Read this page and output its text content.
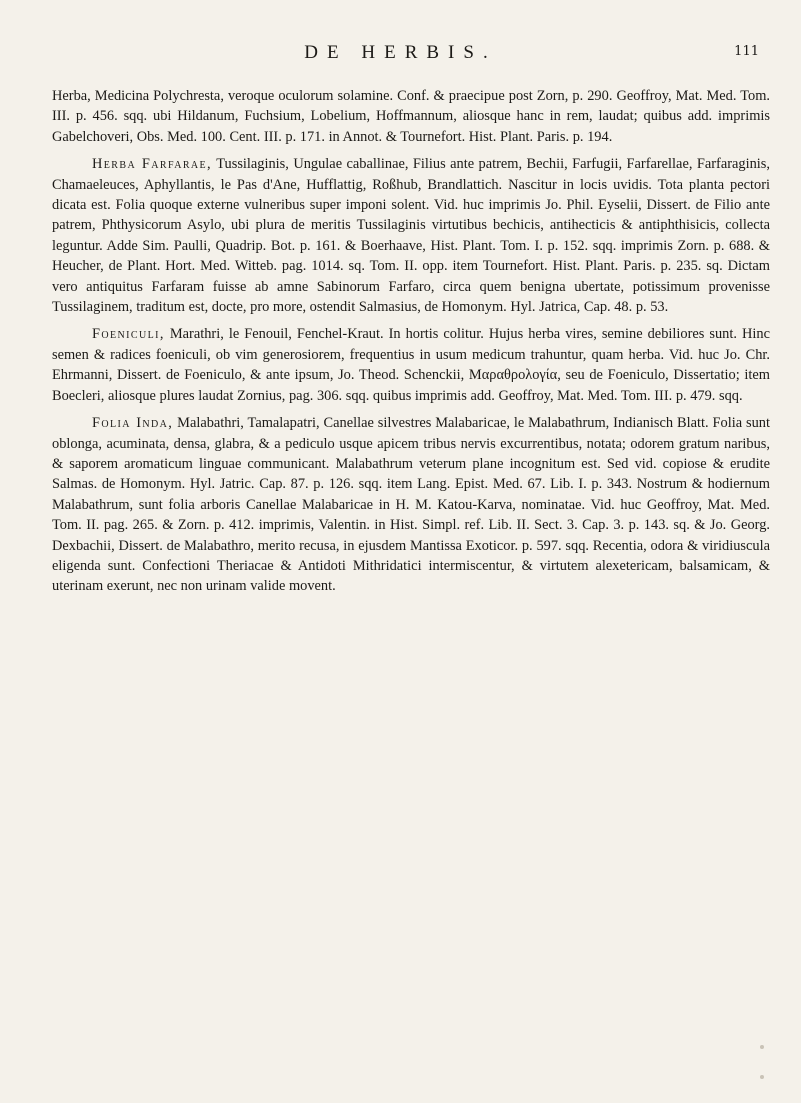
DE HERBIS.	111

Herba, Medicina Polychresta, veroque oculorum solamine. Conf. & praecipue post Zorn, p. 290. Geoffroy, Mat. Med. Tom. III. p. 456. sqq. ubi Hildanum, Fuchsium, Lobelium, Hoffmannum, aliosque hanc in rem, laudat; quibus add. imprimis Gabelchoveri, Obs. Med. 100. Cent. III. p. 171. in Annot. & Tournefort. Hist. Plant. Paris. p. 194.

Herba Farfarae, Tussilaginis, Ungulae caballinae, Filius ante patrem, Bechii, Farfugii, Farfarellae, Farfaraginis, Chamaeleuces, Aphyllantis, le Pas d'Ane, Hufflattig, Roßhub, Brandlattich. Nascitur in locis uvidis. Tota planta pectori dicata est. Folia quoque externe vulneribus super imponi solent. Vid. huc imprimis Jo. Phil. Eyselii, Dissert. de Filio ante patrem, Phthysicorum Asylo, ubi plura de meritis Tussilaginis virtutibus bechicis, antihecticis & antiphthisicis, collecta leguntur. Adde Sim. Paulli, Quadrip. Bot. p. 161. & Boerhaave, Hist. Plant. Tom. I. p. 152. sqq. imprimis Zorn. p. 688. & Heucher, de Plant. Hort. Med. Witteb. pag. 1014. sq. Tom. II. opp. item Tournefort. Hist. Plant. Paris. p. 235. sq. Dictam vero antiquitus Farfaram fuisse ab amne Sabinorum Farfaro, circa quem benigna ubertate, potissimum provenisse Tussilaginem, traditum est, docte, pro more, ostendit Salmasius, de Homonym. Hyl. Jatrica, Cap. 48. p. 53.

Foeniculi, Marathri, le Fenouil, Fenchel-Kraut. In hortis colitur. Hujus herba vires, semine debiliores sunt. Hinc semen & radices foeniculi, ob vim generosiorem, frequentius in usum medicum trahuntur, quam herba. Vid. huc Jo. Chr. Ehrmanni, Dissert. de Foeniculo, & ante ipsum, Jo. Theod. Schenckii, Μαραθρολογία, seu de Foeniculo, Dissertatio; item Boecleri, aliosque plures laudat Zornius, pag. 306. sqq. quibus imprimis add. Geoffroy, Mat. Med. Tom. III. p. 479. sqq.

Folia Inda, Malabathri, Tamalapatri, Canellae silvestres Malabaricae, le Malabathrum, Indianisch Blatt. Folia sunt oblonga, acuminata, densa, glabra, & a pediculo usque apicem tribus nervis excurrentibus, notata; odorem gratum naribus, & saporem aromaticum linguae communicant. Malabathrum veterum plane incognitum est. Sed vid. copiose & erudite Salmas. de Homonym. Hyl. Jatric. Cap. 87. p. 126. sqq. item Lang. Epist. Med. 67. Lib. I. p. 343. Nostrum & hodiernum Malabathrum, sunt folia arboris Canellae Malabaricae in H. M. Katou-Karva, nominatae. Vid. huc Geoffroy, Mat. Med. Tom. II. pag. 265. & Zorn. p. 412. imprimis, Valentin. in Hist. Simpl. ref. Lib. II. Sect. 3. Cap. 3. p. 143. sq. & Jo. Georg. Dexbachii, Dissert. de Malabathro, merito recusa, in ejusdem Mantissa Exoticor. p. 597. sqq. Recentia, odora & viridiuscula eligenda sunt. Confectioni Theriacae & Antidoti Mithridatici intermiscentur, & virtutem alexetericam, balsamicam, & uterinam exerunt, nec non urinam valide movent.
